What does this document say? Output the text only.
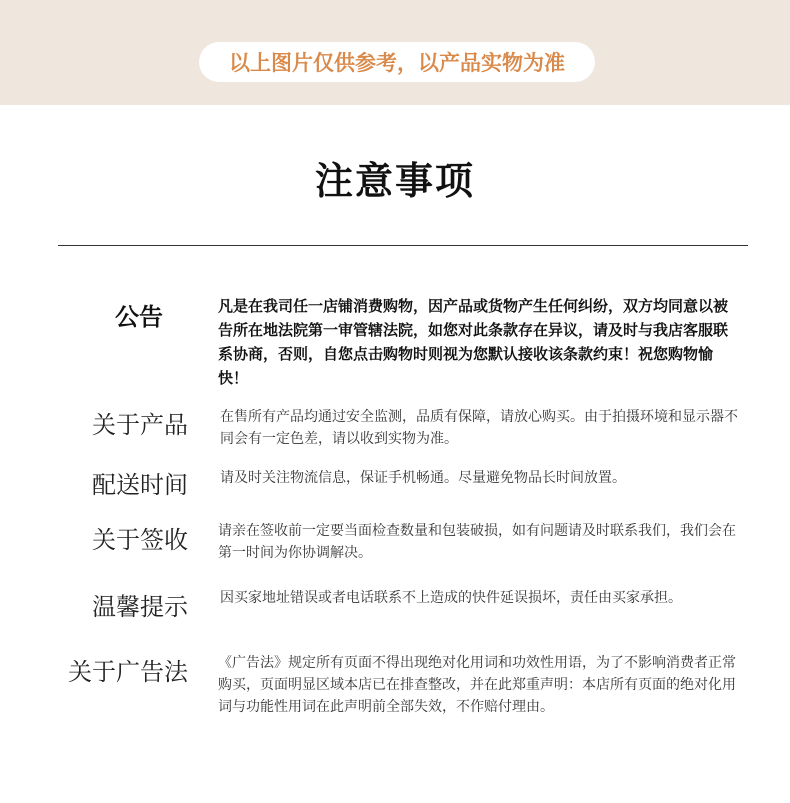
以上图片仅供参考，以产品实物为准
注意事项
公告	凡是在我司任一店铺消费购物，因产品或货物产生任何纠纷，双方均同意以被告所在地法院第一审管辖法院，如您对此条款存在异议，请及时与我店客服联系协商，否则，自您点击购物时则视为您默认接收该条款约束！祝您购物愉快！
关于产品 在售所有产品均通过安全监测，品质有保障，请放心购买。由于拍摄环境和显示器不同会有一定色差，请以收到实物为准。
配送时间 请及时关注物流信息，保证手机畅通。尽量避免物品长时间放置。
关于签收 请亲在签收前一定要当面检查数量和包装破损，如有问题请及时联系我们，我们会在第一时间为你协调解决。
温馨提示 因买家地址错误或者电话联系不上造成的快件延误损坏，责任由买家承担。
关于广告法 《广告法》规定所有页面不得出现绝对化用词和功效性用语，为了不影响消费者正常购买，页面明显区域本店已在排查整改，并在此郑重声明：本店所有页面的绝对化用词与功能性用词在此声明前全部失效，不作赔付理由。
